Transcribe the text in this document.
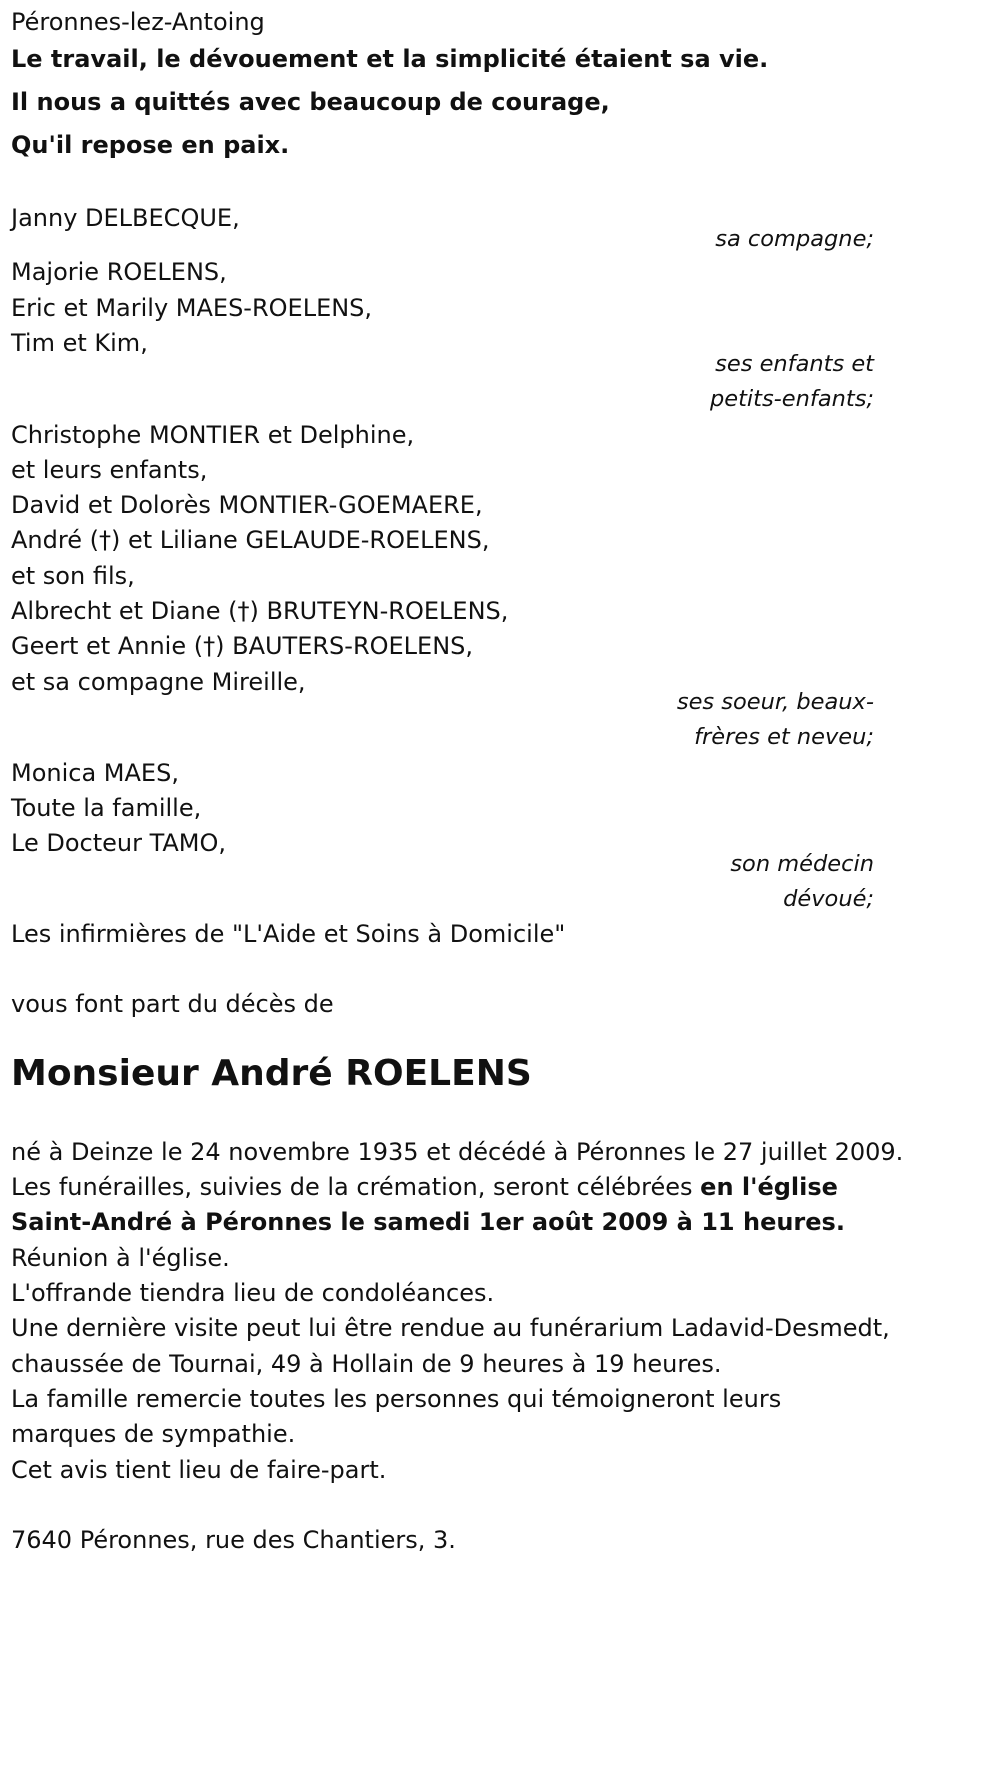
Péronnes-lez-Antoing
Le travail, le dévouement et la simplicité étaient sa vie.
Il nous a quittés avec beaucoup de courage,
Qu'il repose en paix.
Janny DELBECQUE,
sa compagne;
Majorie ROELENS,
Eric et Marily MAES-ROELENS,
Tim et Kim,
ses enfants et
petits-enfants;
Christophe MONTIER et Delphine,
et leurs enfants,
David et Dolorès MONTIER-GOEMAERE,
André (†) et Liliane GELAUDE-ROELENS,
et son fils,
Albrecht et Diane (†) BRUTEYN-ROELENS,
Geert et Annie (†) BAUTERS-ROELENS,
et sa compagne Mireille,
ses soeur, beaux-
frères et neveu;
Monica MAES,
Toute la famille,
Le Docteur TAMO,
son médecin
dévoué;
Les infirmières de "L'Aide et Soins à Domicile"
vous font part du décès de
Monsieur André ROELENS
né à Deinze le 24 novembre 1935 et décédé à Péronnes le 27 juillet 2009.
Les funérailles, suivies de la crémation, seront célébrées en l'église
Saint-André à Péronnes le samedi 1er août 2009 à 11 heures.
Réunion à l'église.
L'offrande tiendra lieu de condoléances.
Une dernière visite peut lui être rendue au funérarium Ladavid-Desmedt,
chaussée de Tournai, 49 à Hollain de 9 heures à 19 heures.
La famille remercie toutes les personnes qui témoigneront leurs
marques de sympathie.
Cet avis tient lieu de faire-part.
7640 Péronnes, rue des Chantiers, 3.
